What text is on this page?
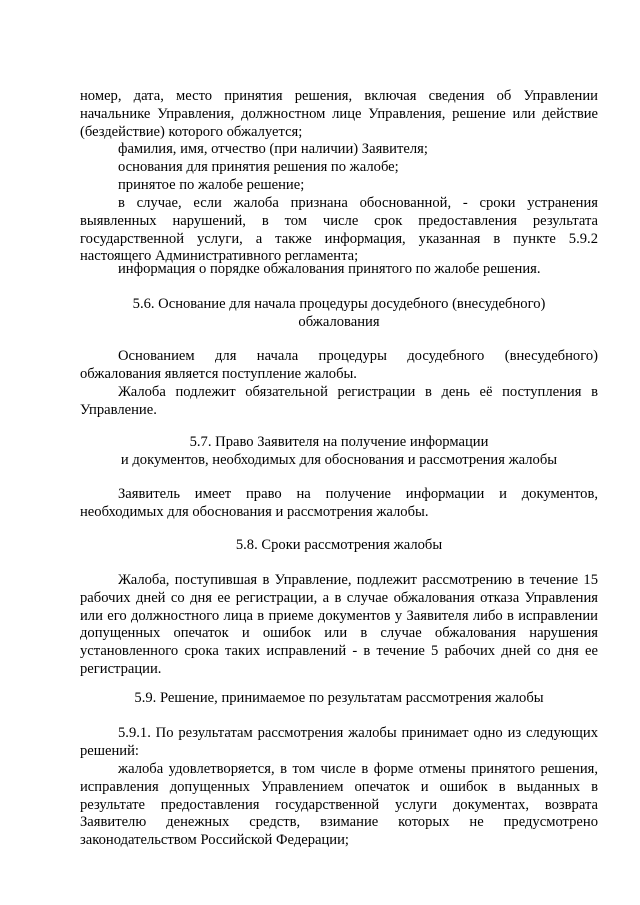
номер, дата, место принятия решения, включая сведения об Управлении начальнике Управления, должностном лице Управления, решение или действие (бездействие) которого обжалуется;

фамилия, имя, отчество (при наличии) Заявителя;

основания для принятия решения по жалобе;

принятое по жалобе решение;

в случае, если жалоба признана обоснованной, - сроки устранения выявленных нарушений, в том числе срок предоставления результата государственной услуги, а также информация, указанная в пункте 5.9.2 настоящего Административного регламента;

информация о порядке обжалования принятого по жалобе решения.

5.6. Основание для начала процедуры досудебного (внесудебного)
обжалования

Основанием для начала процедуры досудебного (внесудебного) обжалования является поступление жалобы.

Жалоба подлежит обязательной регистрации в день её поступления в Управление.

5.7. Право Заявителя на получение информации
и документов, необходимых для обоснования и рассмотрения жалобы

Заявитель имеет право на получение информации и документов, необходимых для обоснования и рассмотрения жалобы.

5.8. Сроки рассмотрения жалобы

Жалоба, поступившая в Управление, подлежит рассмотрению в течение 15 рабочих дней со дня ее регистрации, а в случае обжалования отказа Управления или его должностного лица в приеме документов у Заявителя либо в исправлении допущенных опечаток и ошибок или в случае обжалования нарушения установленного срока таких исправлений - в течение 5 рабочих дней со дня ее регистрации.

5.9. Решение, принимаемое по результатам рассмотрения жалобы

5.9.1. По результатам рассмотрения жалобы принимает одно из следующих решений:

жалоба удовлетворяется, в том числе в форме отмены принятого решения, исправления допущенных Управлением опечаток и ошибок в выданных в результате предоставления государственной услуги документах, возврата Заявителю денежных средств, взимание которых не предусмотрено законодательством Российской Федерации;
